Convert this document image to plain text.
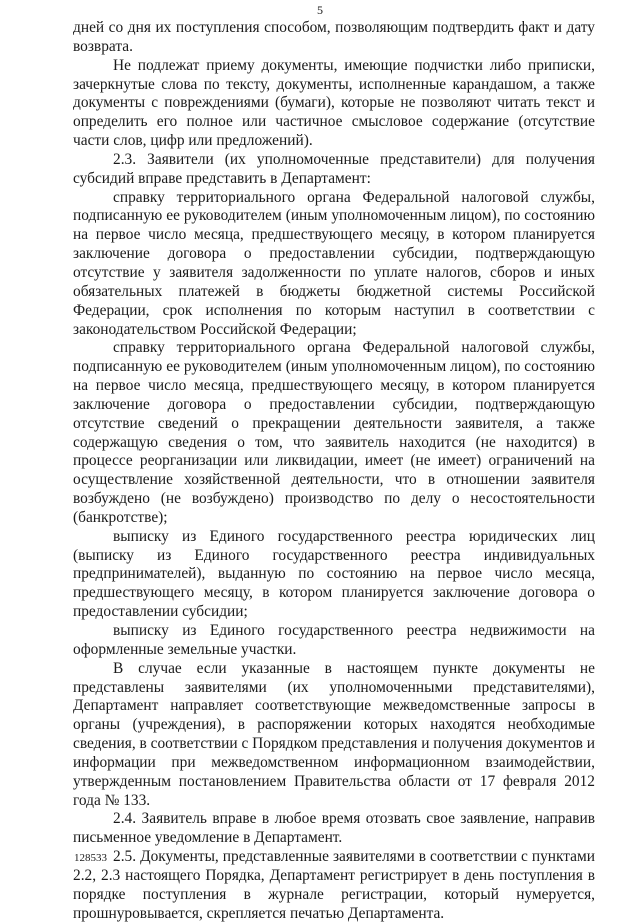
5

дней со дня их поступления способом, позволяющим подтвердить факт и дату возврата.

Не подлежат приему документы, имеющие подчистки либо приписки, зачеркнутые слова по тексту, документы, исполненные карандашом, а также документы с повреждениями (бумаги), которые не позволяют читать текст и определить его полное или частичное смысловое содержание (отсутствие части слов, цифр или предложений).

2.3. Заявители (их уполномоченные представители) для получения субсидий вправе представить в Департамент:

справку территориального органа Федеральной налоговой службы, подписанную ее руководителем (иным уполномоченным лицом), по состоянию на первое число месяца, предшествующего месяцу, в котором планируется заключение договора о предоставлении субсидии, подтверждающую отсутствие у заявителя задолженности по уплате налогов, сборов и иных обязательных платежей в бюджеты бюджетной системы Российской Федерации, срок исполнения по которым наступил в соответствии с законодательством Российской Федерации;

справку территориального органа Федеральной налоговой службы, подписанную ее руководителем (иным уполномоченным лицом), по состоянию на первое число месяца, предшествующего месяцу, в котором планируется заключение договора о предоставлении субсидии, подтверждающую отсутствие сведений о прекращении деятельности заявителя, а также содержащую сведения о том, что заявитель находится (не находится) в процессе реорганизации или ликвидации, имеет (не имеет) ограничений на осуществление хозяйственной деятельности, что в отношении заявителя возбуждено (не возбуждено) производство по делу о несостоятельности (банкротстве);

выписку из Единого государственного реестра юридических лиц (выписку из Единого государственного реестра индивидуальных предпринимателей), выданную по состоянию на первое число месяца, предшествующего месяцу, в котором планируется заключение договора о предоставлении субсидии;

выписку из Единого государственного реестра недвижимости на оформленные земельные участки.

В случае если указанные в настоящем пункте документы не представлены заявителями (их уполномоченными представителями), Департамент направляет соответствующие межведомственные запросы в органы (учреждения), в распоряжении которых находятся необходимые сведения, в соответствии с Порядком представления и получения документов и информации при межведомственном информационном взаимодействии, утвержденным постановлением Правительства области от 17 февраля 2012 года № 133.

2.4. Заявитель вправе в любое время отозвать свое заявление, направив письменное уведомление в Департамент.

2.5. Документы, представленные заявителями в соответствии с пунктами 2.2, 2.3 настоящего Порядка, Департамент регистрирует в день поступления в порядке поступления в журнале регистрации, который нумеруется, прошнуровывается, скрепляется печатью Департамента.

128533
